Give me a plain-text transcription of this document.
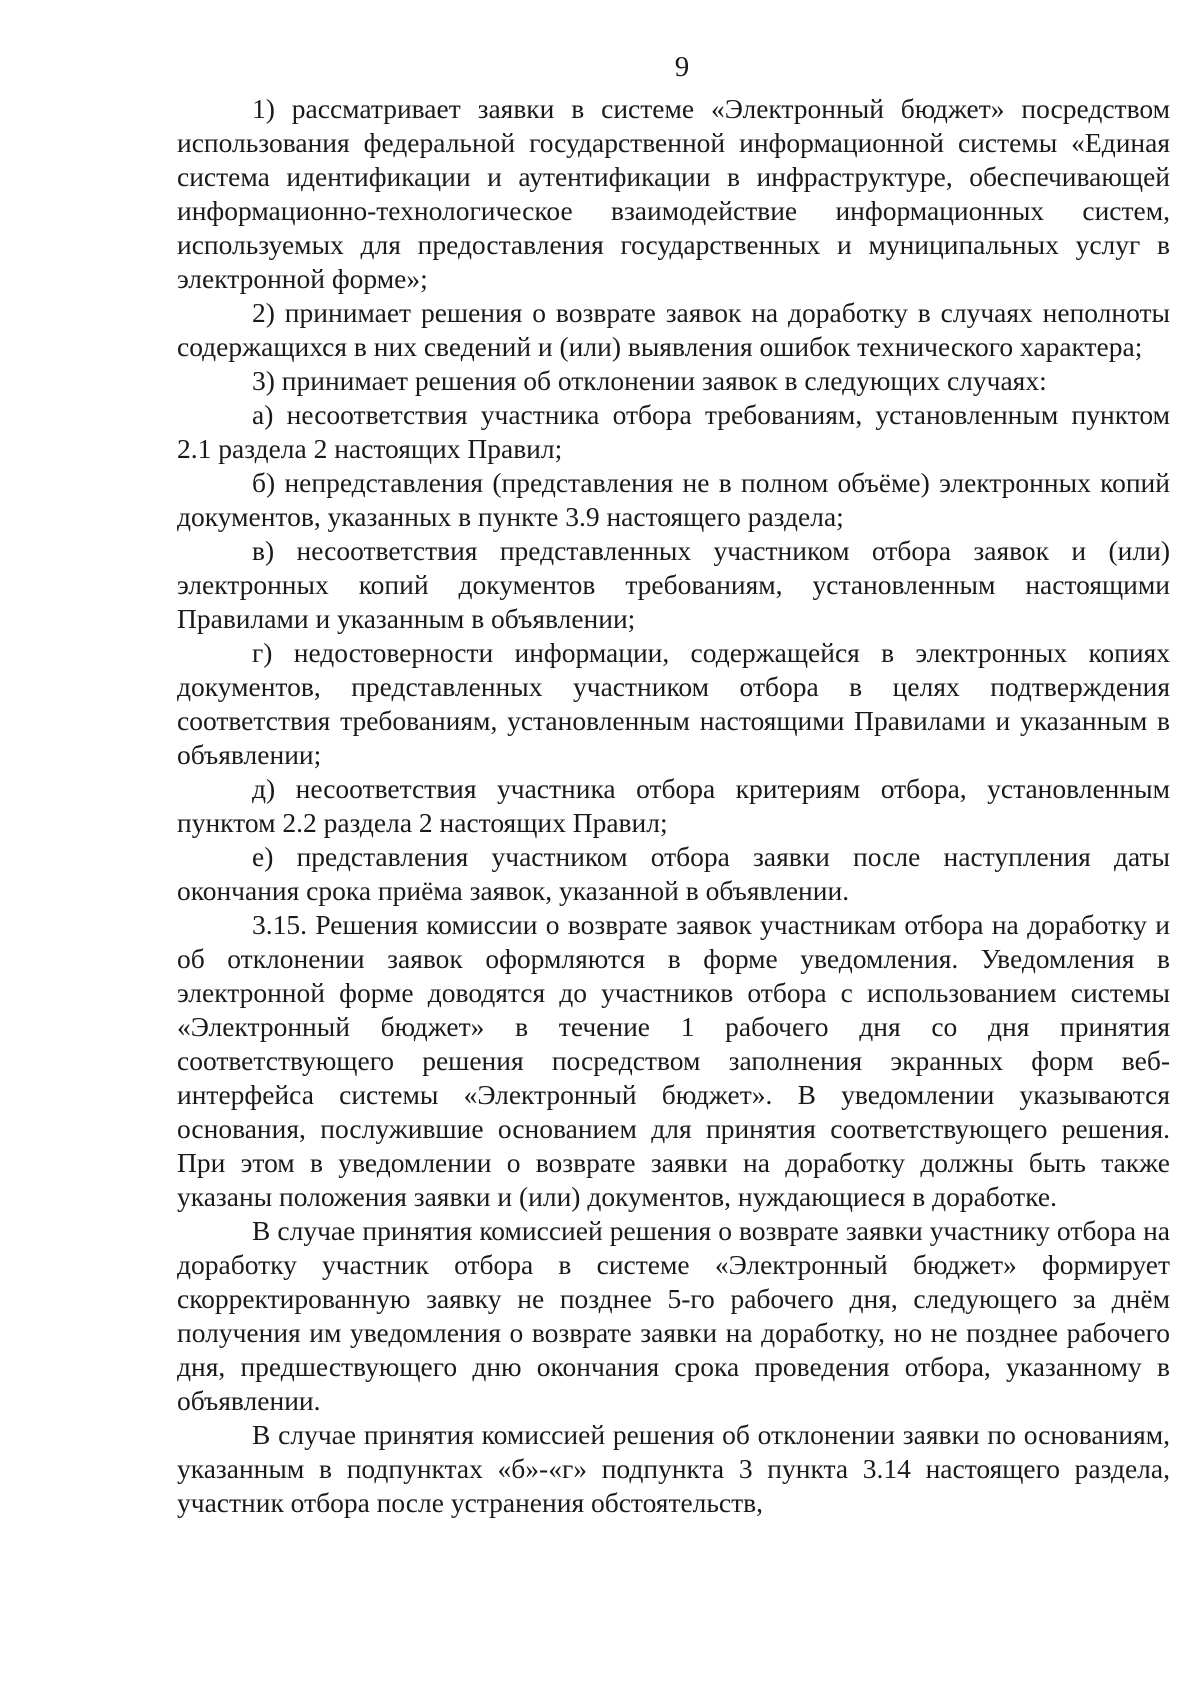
9

1) рассматривает заявки в системе «Электронный бюджет» посредством использования федеральной государственной информационной системы «Единая система идентификации и аутентификации в инфраструктуре, обеспечивающей информационно-технологическое взаимодействие информационных систем, используемых для предоставления государственных и муниципальных услуг в электронной форме»;

2) принимает решения о возврате заявок на доработку в случаях неполноты содержащихся в них сведений и (или) выявления ошибок технического характера;

3) принимает решения об отклонении заявок в следующих случаях:

а) несоответствия участника отбора требованиям, установленным пунктом 2.1 раздела 2 настоящих Правил;

б) непредставления (представления не в полном объёме) электронных копий документов, указанных в пункте 3.9 настоящего раздела;

в) несоответствия представленных участником отбора заявок и (или) электронных копий документов требованиям, установленным настоящими Правилами и указанным в объявлении;

г) недостоверности информации, содержащейся в электронных копиях документов, представленных участником отбора в целях подтверждения соответствия требованиям, установленным настоящими Правилами и указанным в объявлении;

д) несоответствия участника отбора критериям отбора, установленным пунктом 2.2 раздела 2 настоящих Правил;

е) представления участником отбора заявки после наступления даты окончания срока приёма заявок, указанной в объявлении.

3.15. Решения комиссии о возврате заявок участникам отбора на доработку и об отклонении заявок оформляются в форме уведомления. Уведомления в электронной форме доводятся до участников отбора с использованием системы «Электронный бюджет» в течение 1 рабочего дня со дня принятия соответствующего решения посредством заполнения экранных форм веб-интерфейса системы «Электронный бюджет». В уведомлении указываются основания, послужившие основанием для принятия соответствующего решения. При этом в уведомлении о возврате заявки на доработку должны быть также указаны положения заявки и (или) документов, нуждающиеся в доработке.

В случае принятия комиссией решения о возврате заявки участнику отбора на доработку участник отбора в системе «Электронный бюджет» формирует скорректированную заявку не позднее 5-го рабочего дня, следующего за днём получения им уведомления о возврате заявки на доработку, но не позднее рабочего дня, предшествующего дню окончания срока проведения отбора, указанному в объявлении.

В случае принятия комиссией решения об отклонении заявки по основаниям, указанным в подпунктах «б»-«г» подпункта 3 пункта 3.14 настоящего раздела, участник отбора после устранения обстоятельств,
